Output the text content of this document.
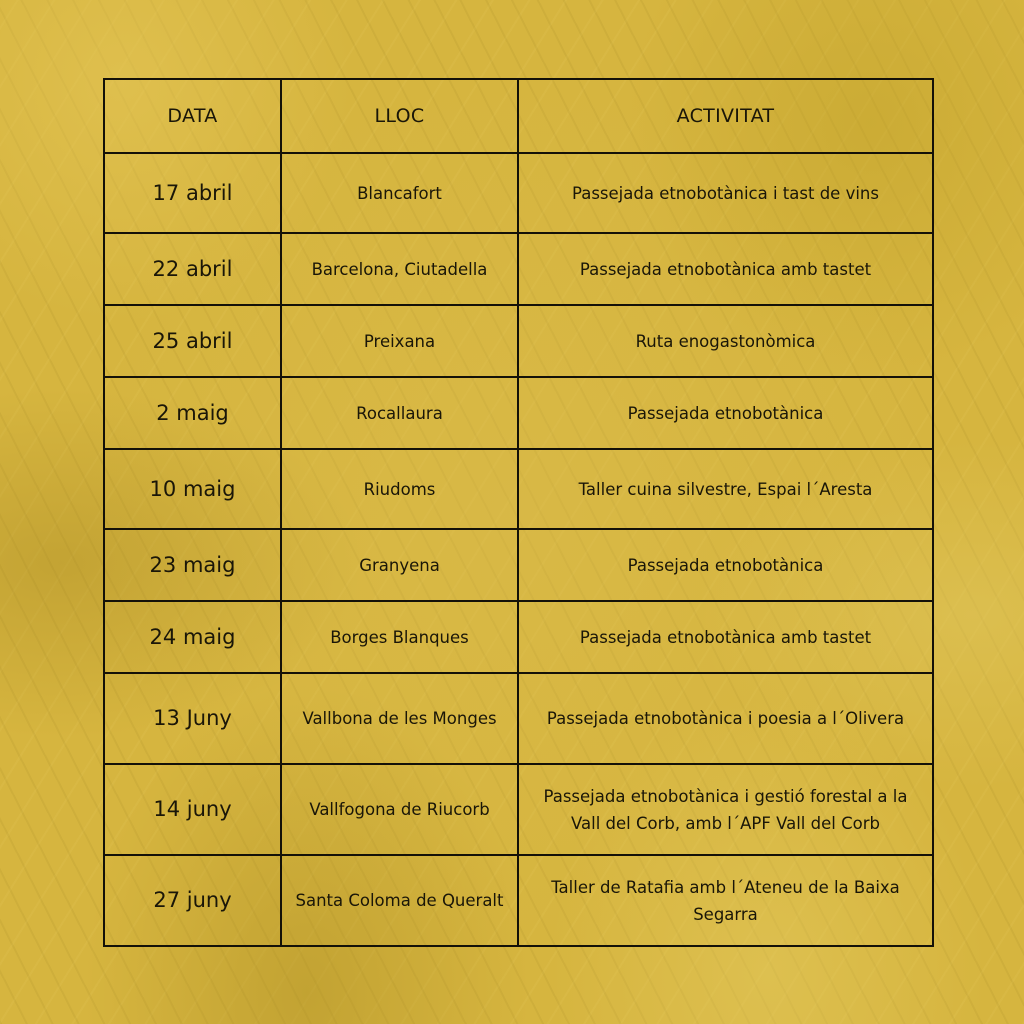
DATA	LLOC	ACTIVITAT
17 abril	Blancafort	Passejada etnobotànica i tast de vins
22 abril	Barcelona, Ciutadella	Passejada etnobotànica amb tastet
25 abril	Preixana	Ruta enogastonòmica
2 maig	Rocallaura	Passejada etnobotànica
10 maig	Riudoms	Taller cuina silvestre, Espai l´Aresta
23 maig	Granyena	Passejada etnobotànica
24 maig	Borges Blanques	Passejada etnobotànica amb tastet
13 Juny	Vallbona de les Monges	Passejada etnobotànica i poesia a l´Olivera
14 juny	Vallfogona de Riucorb	Passejada etnobotànica i gestió forestal a la Vall del Corb, amb l´APF Vall del Corb
27 juny	Santa Coloma de Queralt	Taller de Ratafia amb l´Ateneu de la Baixa Segarra
